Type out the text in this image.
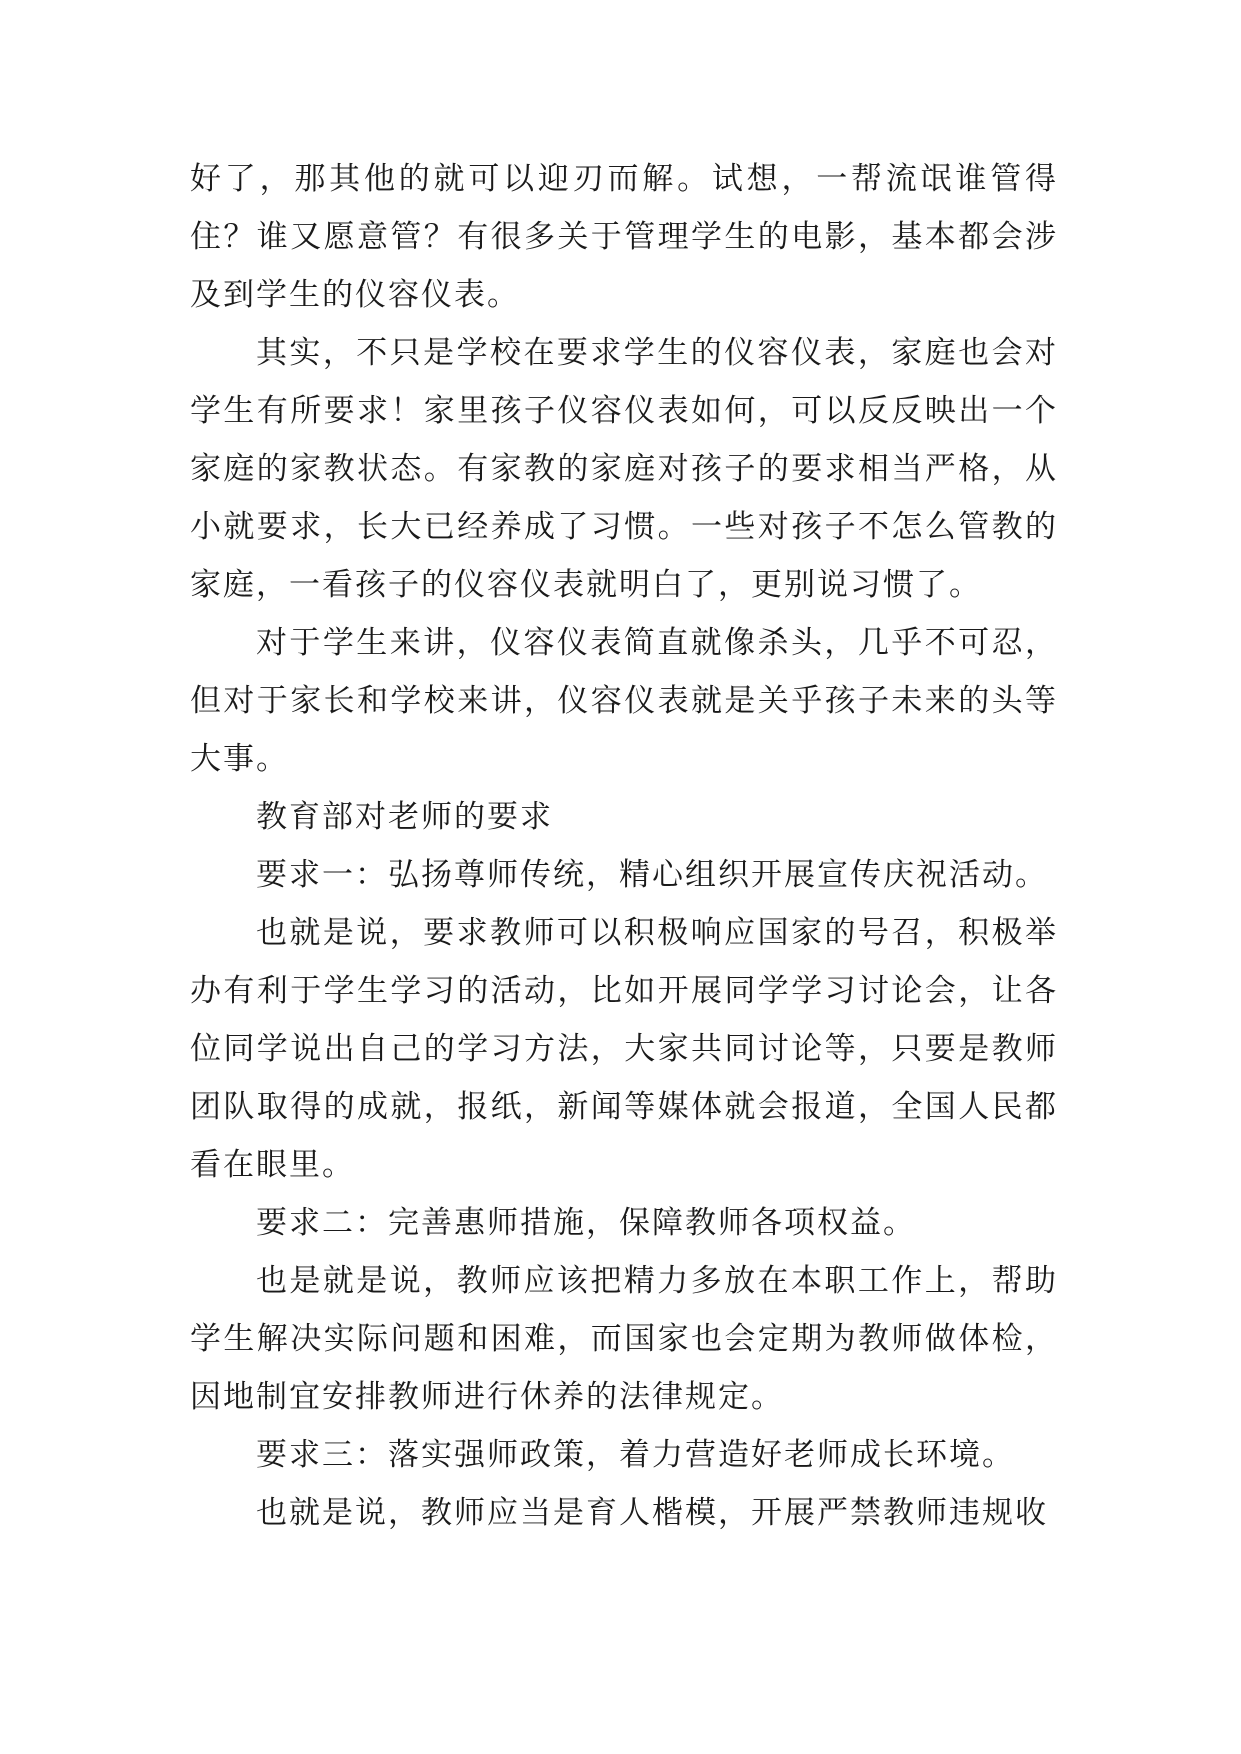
好了，那其他的就可以迎刃而解。试想，一帮流氓谁管得住？谁又愿意管？有很多关于管理学生的电影，基本都会涉及到学生的仪容仪表。

其实，不只是学校在要求学生的仪容仪表，家庭也会对学生有所要求！家里孩子仪容仪表如何，可以反反映出一个家庭的家教状态。有家教的家庭对孩子的要求相当严格，从小就要求，长大已经养成了习惯。一些对孩子不怎么管教的家庭，一看孩子的仪容仪表就明白了，更别说习惯了。

对于学生来讲，仪容仪表简直就像杀头，几乎不可忍，但对于家长和学校来讲，仪容仪表就是关乎孩子未来的头等大事。

教育部对老师的要求

要求一：弘扬尊师传统，精心组织开展宣传庆祝活动。

也就是说，要求教师可以积极响应国家的号召，积极举办有利于学生学习的活动，比如开展同学学习讨论会，让各位同学说出自己的学习方法，大家共同讨论等，只要是教师团队取得的成就，报纸，新闻等媒体就会报道，全国人民都看在眼里。

要求二：完善惠师措施，保障教师各项权益。

也是就是说，教师应该把精力多放在本职工作上，帮助学生解决实际问题和困难，而国家也会定期为教师做体检，因地制宜安排教师进行休养的法律规定。

要求三：落实强师政策，着力营造好老师成长环境。

也就是说，教师应当是育人楷模，开展严禁教师违规收
